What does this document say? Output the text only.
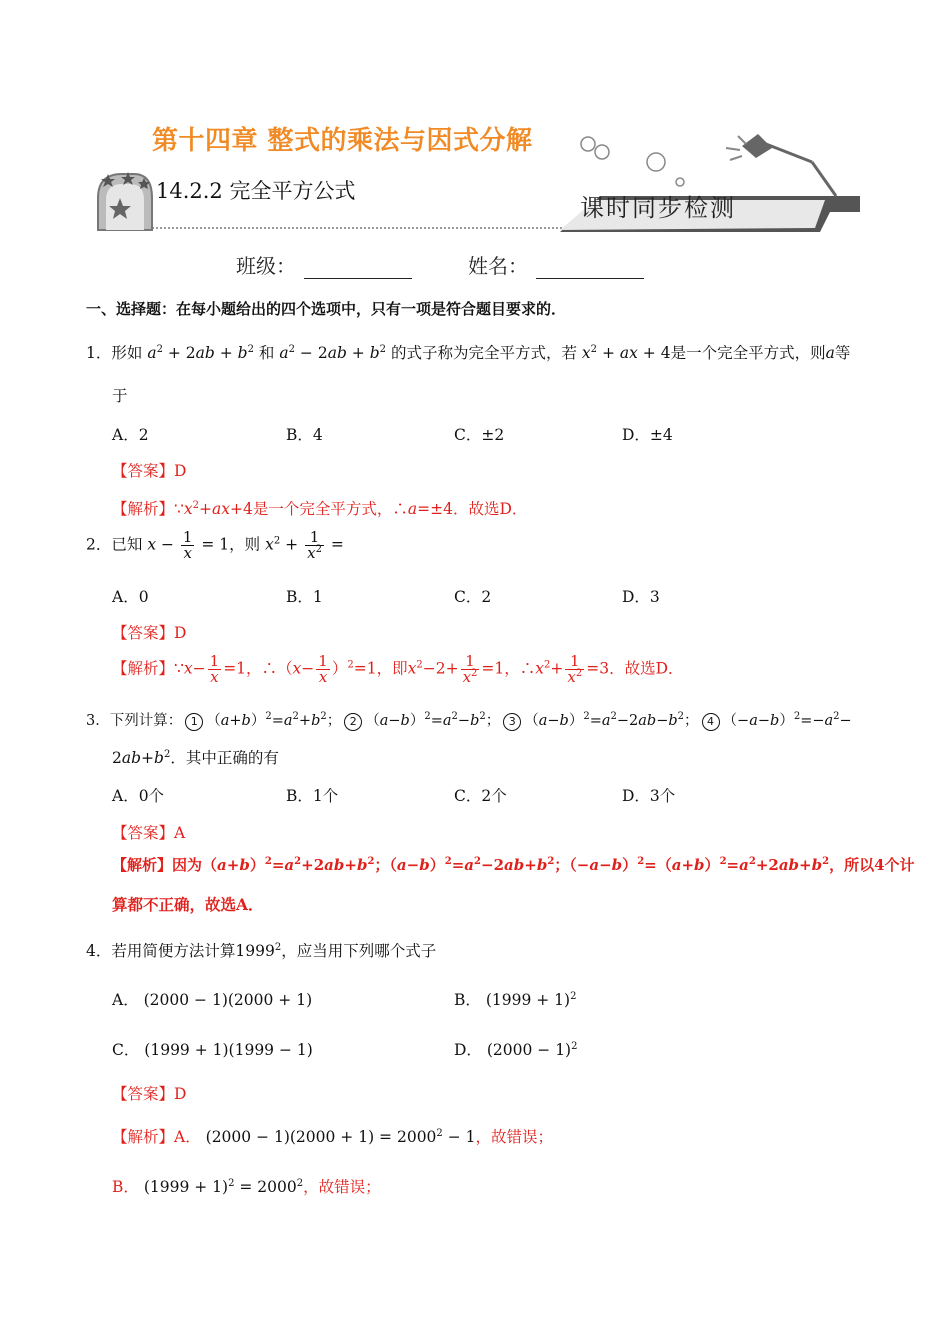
第十四章 整式的乘法与因式分解
14.2.2 完全平方公式
课时同步检测
班级：	姓名：
一、选择题：在每小题给出的四个选项中，只有一项是符合题目要求的．
1．形如 $a^2 + 2ab + b^2$ 和 $a^2 - 2ab + b^2$ 的式子称为完全平方式，若 $x^2$ + ax + 4是一个完全平方式，则a等
于
A．2	B．4	C．±2	D．±4
【答案】D
【解析】$\because x^2+ax+4$是一个完全平方式，∴a=±4．故选D．
2．已知 $x - \frac{1}{x} = 1$，则 $x^2 + \frac{1}{x^2}$ =
A．0	B．1	C．2	D．3
【答案】D
【解析】∵x− $\frac{1}{x} =1$，∴（x− $\frac{1}{x} )^2=1$，即$x^2-2+ \frac{1}{x^2} =1$，$\therefore x^2+ \frac{1}{x^2} =3$．故选D．
3．下列计算： 1 $(a+b)^2=a^2+b^2$； 2 $(a-b)^2=a^2-b^2$； 3 $(a-b)^2=a^2-2ab-b^2$； 4 $(-a-b)^2=-a^2-$
$2ab+b^2$．其中正确的有
A．0个	B．1个	C．2个	D．3个
【答案】A
【解析】因为$(a+b)^2=a^2+2ab+b^2$；$(a-b)^2=a^2-2ab+b^2$；$(-a-b)^2=(a+b)^2=a^2+2ab+b^2$，所以4个计
算都不正确，故选A．
4．若用简便方法计算1999$^2$，应当用下列哪个式子
A． (2000 − 1)(2000 + 1)	B． $(1999 + 1)^2$
C． (1999 + 1)(1999 − 1)	D． $(2000 - 1)^2$
【答案】D
【解析】A． $(2000 - 1)(2000 + 1) = 2000^2 - 1$，故错误；
B． $(1999 + 1)^2 = 2000^2$，故错误；
